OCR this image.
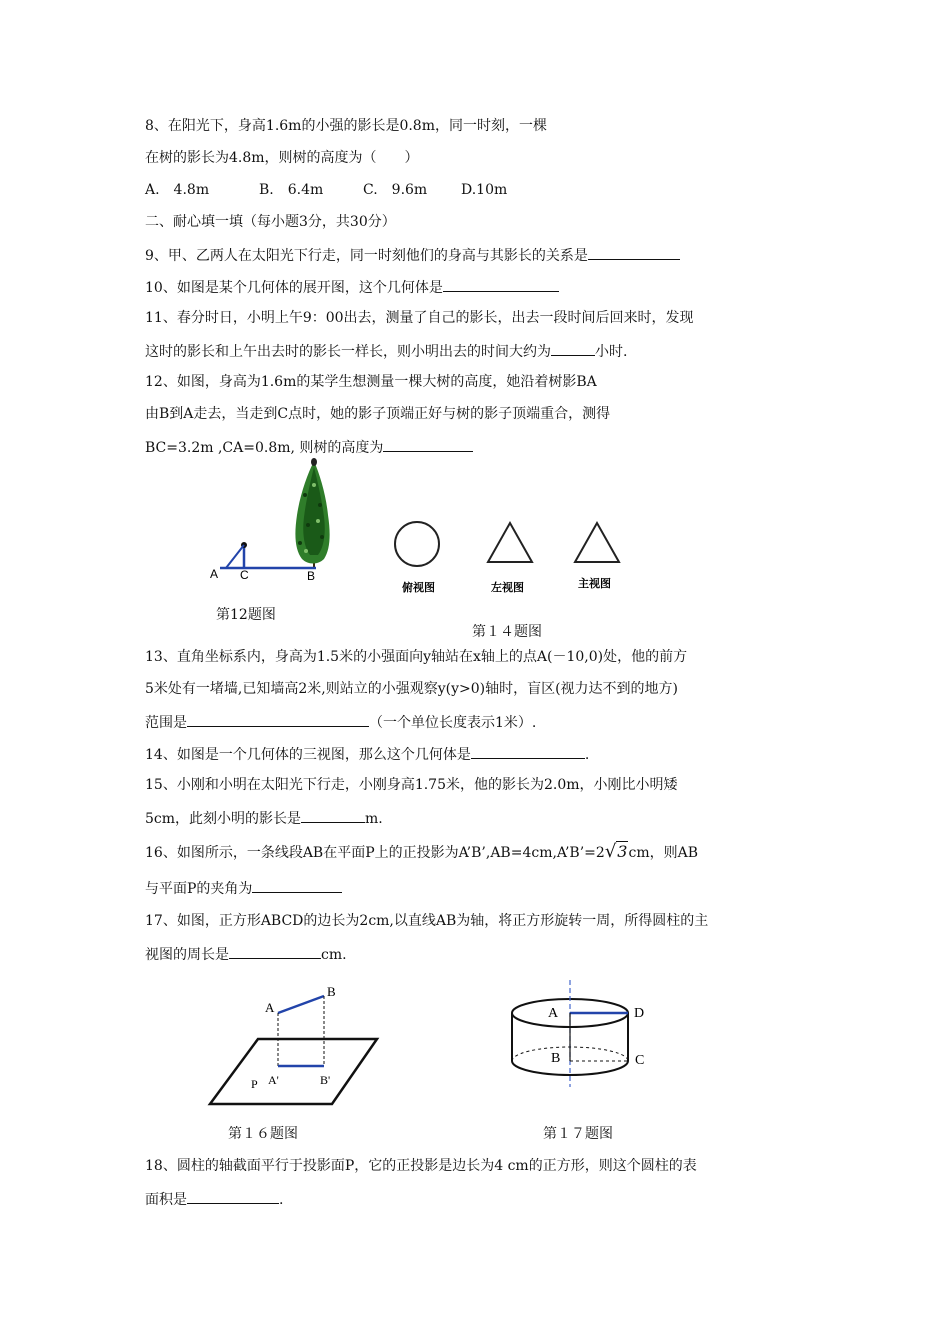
8、在阳光下，身高1.6m的小强的影长是0.8m，同一时刻，一棵
在树的影长为4.8m，则树的高度为（　　）
A.　4.8m	B.　6.4m	C.　9.6m D.10m
二、耐心填一填（每小题3分，共30分）
9、甲、乙两人在太阳光下行走，同一时刻他们的身高与其影长的关系是
10、如图是某个几何体的展开图，这个几何体是
11、春分时日，小明上午9：00出去，测量了自己的影长，出去一段时间后回来时，发现
这时的影长和上午出去时的影长一样长，则小明出去的时间大约为	小时.
12、如图，身高为1.6m的某学生想测量一棵大树的高度，她沿着树影BA
由B到A走去，当走到C点时，她的影子顶端正好与树的影子顶端重合，测得
BC=3.2m ,CA=0.8m, 则树的高度为
A C	B
第12题图
俯视图	左视图	主视图
第１４题图
13、直角坐标系内，身高为1.5米的小强面向y轴站在x轴上的点A(－10,0)处，他的前方
5米处有一堵墙,已知墙高2米,则站立的小强观察y(y>0)轴时，盲区(视力达不到的地方)
范围是	（一个单位长度表示1米）.
14、如图是一个几何体的三视图，那么这个几何体是	.
15、小刚和小明在太阳光下行走，小刚身高1.75米，他的影长为2.0m，小刚比小明矮
5cm，此刻小明的影长是	m.
16、如图所示，一条线段AB在平面P上的正投影为A’B’,AB=4cm,A’B’=2√3cm，则AB
与平面P的夹角为
17、如图，正方形ABCD的边长为2cm,以直线AB为轴，将正方形旋转一周，所得圆柱的主
视图的周长是	cm.
A
B
P A'	B'
第１６题图
A	D
B	C
第１７题图
18、圆柱的轴截面平行于投影面P，它的正投影是边长为4 cm的正方形，则这个圆柱的表
面积是	.
